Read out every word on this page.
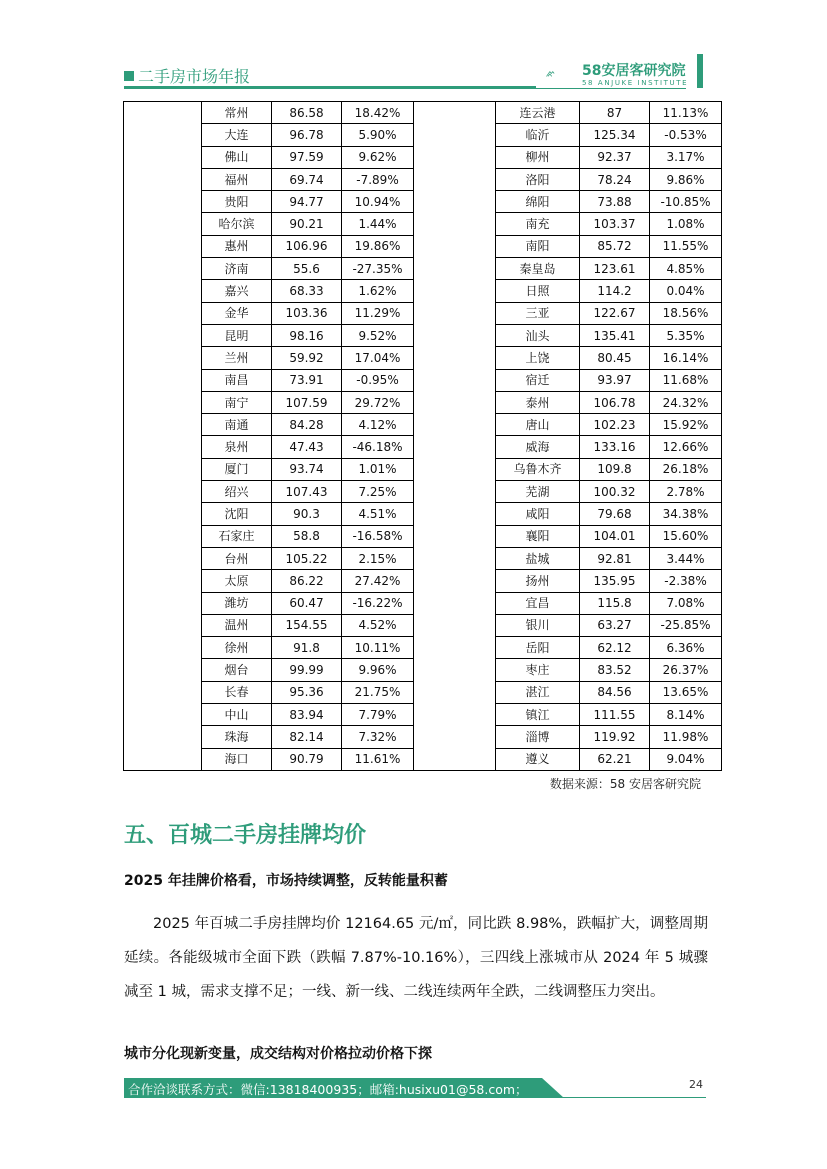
二手房市场年报	58安居客研究院
58 ANJUKE INSTITUTE
	常州	86.58	18.42%		连云港	87	11.13%
	大连	96.78	5.90%		临沂	125.34	-0.53%
	佛山	97.59	9.62%		柳州	92.37	3.17%
	福州	69.74	-7.89%		洛阳	78.24	9.86%
	贵阳	94.77	10.94%		绵阳	73.88	-10.85%
	哈尔滨	90.21	1.44%		南充	103.37	1.08%
	惠州	106.96	19.86%		南阳	85.72	11.55%
	济南	55.6	-27.35%		秦皇岛	123.61	4.85%
	嘉兴	68.33	1.62%		日照	114.2	0.04%
	金华	103.36	11.29%		三亚	122.67	18.56%
	昆明	98.16	9.52%		汕头	135.41	5.35%
	兰州	59.92	17.04%		上饶	80.45	16.14%
	南昌	73.91	-0.95%		宿迁	93.97	11.68%
	南宁	107.59	29.72%		泰州	106.78	24.32%
	南通	84.28	4.12%		唐山	102.23	15.92%
	泉州	47.43	-46.18%		威海	133.16	12.66%
	厦门	93.74	1.01%		乌鲁木齐	109.8	26.18%
	绍兴	107.43	7.25%		芜湖	100.32	2.78%
	沈阳	90.3	4.51%		咸阳	79.68	34.38%
	石家庄	58.8	-16.58%		襄阳	104.01	15.60%
	台州	105.22	2.15%		盐城	92.81	3.44%
	太原	86.22	27.42%		扬州	135.95	-2.38%
	潍坊	60.47	-16.22%		宜昌	115.8	7.08%
	温州	154.55	4.52%		银川	63.27	-25.85%
	徐州	91.8	10.11%		岳阳	62.12	6.36%
	烟台	99.99	9.96%		枣庄	83.52	26.37%
	长春	95.36	21.75%		湛江	84.56	13.65%
	中山	83.94	7.79%		镇江	111.55	8.14%
	珠海	82.14	7.32%		淄博	119.92	11.98%
	海口	90.79	11.61%		遵义	62.21	9.04%
数据来源：58 安居客研究院
五、百城二手房挂牌均价
2025 年挂牌价格看，市场持续调整，反转能量积蓄
2025 年百城二手房挂牌均价 12164.65 元/㎡，同比跌 8.98%，跌幅扩大，调整周期延续。各能级城市全面下跌（跌幅 7.87%-10.16%），三四线上涨城市从 2024 年 5 城骤减至 1 城，需求支撑不足；一线、新一线、二线连续两年全跌，二线调整压力突出。
城市分化现新变量，成交结构对价格拉动价格下探
合作洽谈联系方式：微信:13818400935；邮箱:husixu01@58.com；	24
